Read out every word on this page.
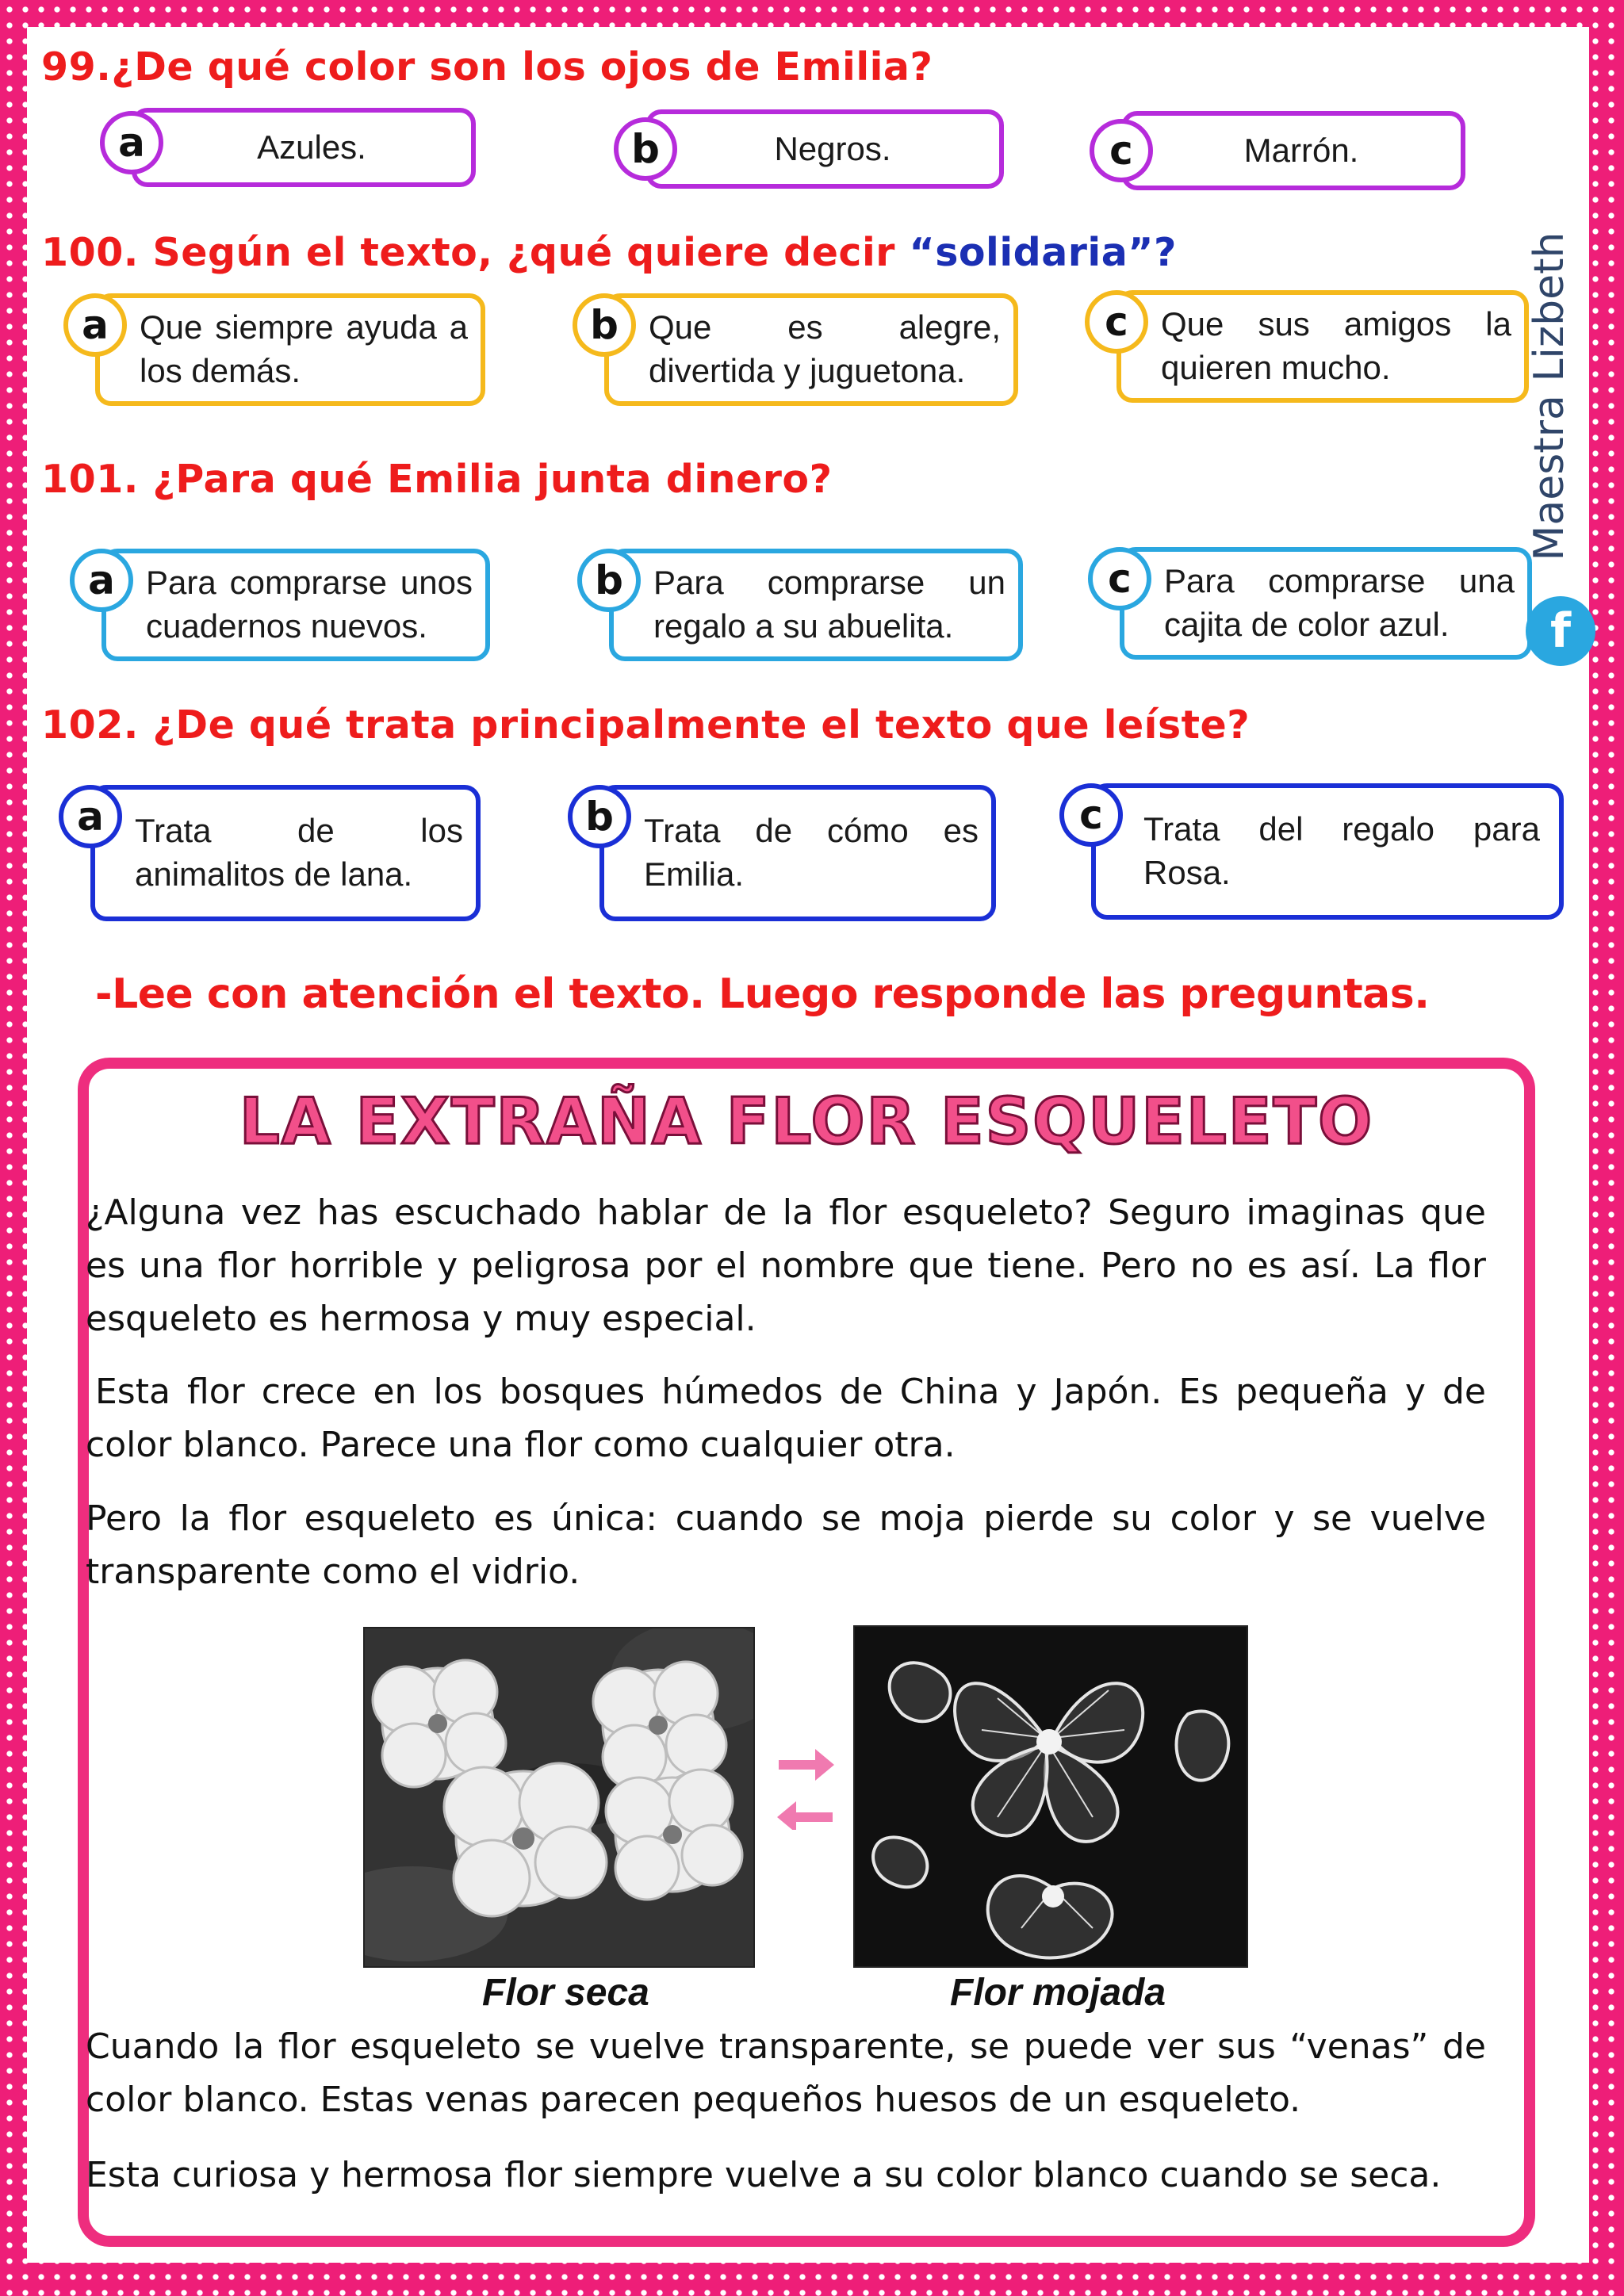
99.¿De qué color son los ojos de Emilia?
Azules.
a	Negros.
b	Marrón.
c
100. Según el texto, ¿qué quiere decir “solidaria”?
Que siempre ayuda a los demás.
a	Que es alegre, divertida y juguetona.
b	Que sus amigos la quieren mucho.
c
101. ¿Para qué Emilia junta dinero?
Para comprarse unos cuadernos nuevos.
a	Para comprarse un regalo a su abuelita.
b	Para comprarse una cajita de color azul.
c
102. ¿De qué trata principalmente el texto que leíste?
Trata de los animalitos de lana.
a	Trata de cómo es Emilia.
b	Trata del regalo para Rosa.
c

-Lee con atención el texto. Luego responde las preguntas.

LA EXTRAÑA FLOR ESQUELETO

¿Alguna vez has escuchado hablar de la flor esqueleto? Seguro imaginas que es una flor horrible y peligrosa por el nombre que tiene. Pero no es así. La flor esqueleto es hermosa y muy especial.

Esta flor crece en los bosques húmedos de China y Japón. Es pequeña y de color blanco. Parece una flor como cualquier otra.

Pero la flor esqueleto es única: cuando se moja pierde su color y se vuelve transparente como el vidrio.

Flor seca	Flor mojada

Cuando la flor esqueleto se vuelve transparente, se puede ver sus “venas” de color blanco. Estas venas parecen pequeños huesos de un esqueleto.

Esta curiosa y hermosa flor siempre vuelve a su color blanco cuando se seca.

Maestra Lizbeth
f
